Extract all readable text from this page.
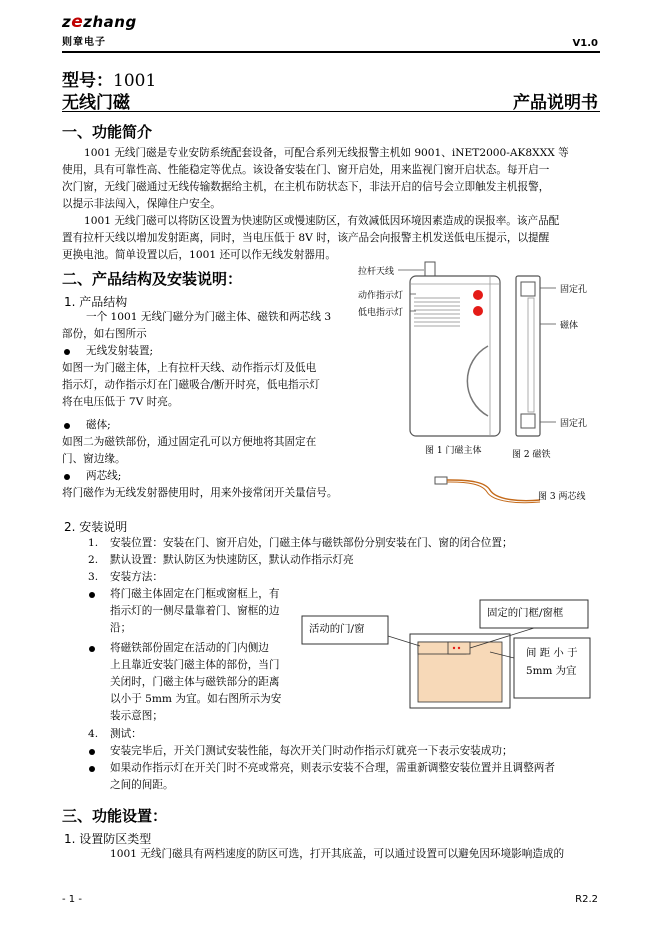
zezhang
则章电子	V1.0
型号：1001
无线门磁	产品说明书
一、功能简介
1001 无线门磁是专业安防系统配套设备，可配合系列无线报警主机如 9001、iNET2000-AK8XXX 等
使用，具有可靠性高、性能稳定等优点。该设备安装在门、窗开启处，用来监视门窗开启状态。每开启一
次门窗，无线门磁通过无线传输数据给主机，在主机布防状态下，非法开启的信号会立即触发主机报警，
以提示非法闯入，保障住户安全。
1001 无线门磁可以将防区设置为快速防区或慢速防区，有效减低因环境因素造成的误报率。该产品配
置有拉杆天线以增加发射距离，同时，当电压低于 8V 时，该产品会向报警主机发送低电压提示，以提醒
更换电池。简单设置以后，1001 还可以作无线发射器用。
二、产品结构及安装说明：
1. 产品结构
一个 1001 无线门磁分为门磁主体、磁铁和两芯线 3
部份，如右图所示
无线发射装置;
如图一为门磁主体，上有拉杆天线、动作指示灯及低电
指示灯，动作指示灯在门磁吸合/断开时亮，低电指示灯
将在电压低于 7V 时亮。
磁体;
如图二为磁铁部份，通过固定孔可以方便地将其固定在
门、窗边缘。
两芯线;
将门磁作为无线发射器使用时，用来外接常闭开关量信号。
拉杆天线
动作指示灯
低电指示灯
固定孔
磁体
固定孔
图 1 门磁主体	图 2 磁铁
图 3 两芯线
2. 安装说明
1. 安装位置：安装在门、窗开启处，门磁主体与磁铁部份分别安装在门、窗的闭合位置；
2. 默认设置：默认防区为快速防区，默认动作指示灯亮
3. 安装方法：
将门磁主体固定在门框或窗框上，有
指示灯的一侧尽量靠着门、窗框的边
沿；
将磁铁部份固定在活动的门内侧边
上且靠近安装门磁主体的部份，当门
关闭时，门磁主体与磁铁部分的距离
以小于 5mm 为宜。如右图所示为安
装示意图；
活动的门/窗
固定的门框/窗框
间 距 小 于
5mm 为宜
4. 测试：
安装完毕后，开关门测试安装性能，每次开关门时动作指示灯就亮一下表示安装成功；
如果动作指示灯在开关门时不亮或常亮，则表示安装不合理，需重新调整安装位置并且调整两者
之间的间距。
三、功能设置：
1. 设置防区类型
1001 无线门磁具有两档速度的防区可选，打开其底盖，可以通过设置可以避免因环境影响造成的
- 1 -	R2.2
